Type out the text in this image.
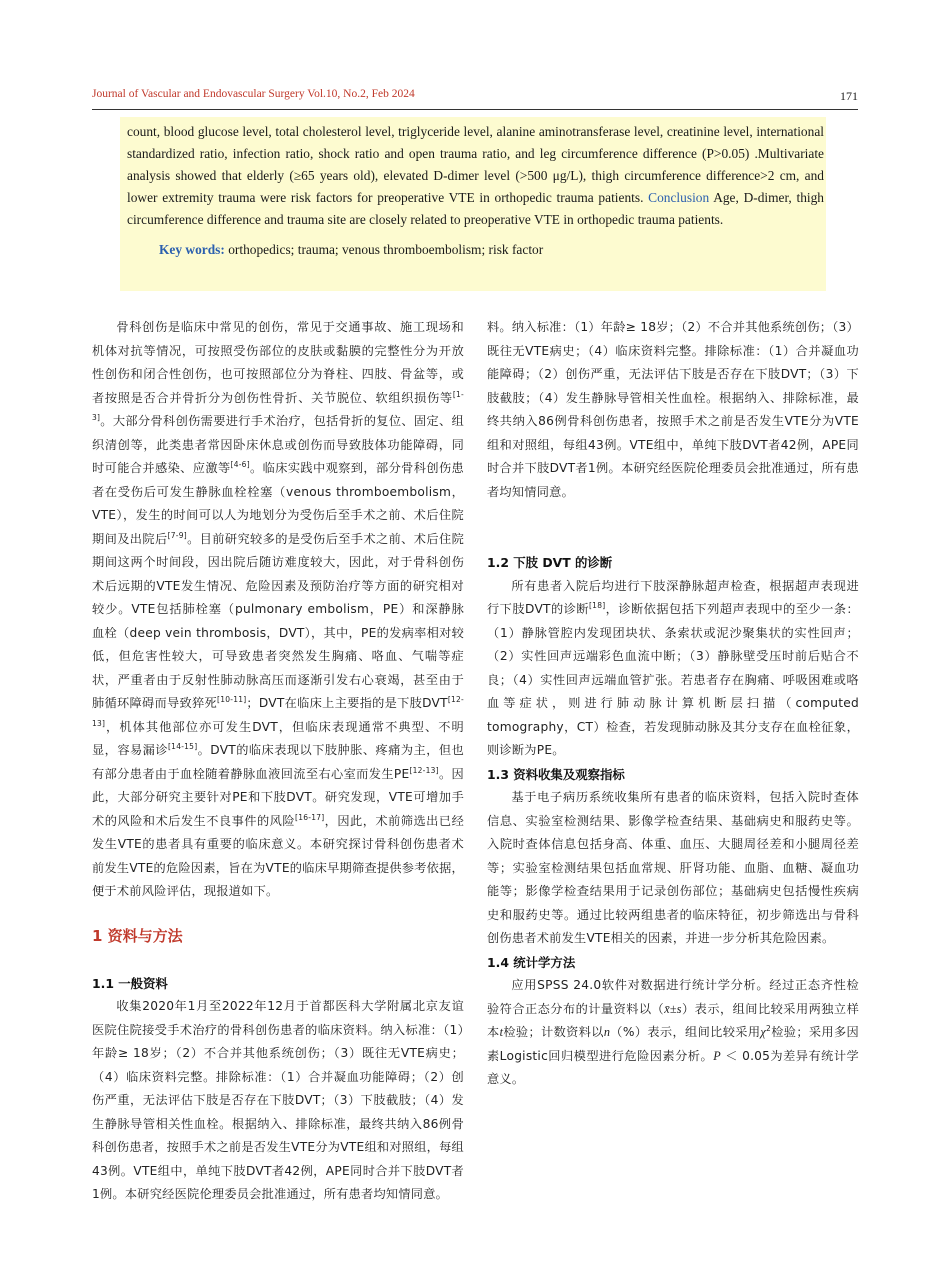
Journal of Vascular and Endovascular Surgery Vol.10, No.2, Feb 2024	171

count, blood glucose level, total cholesterol level, triglyceride level, alanine aminotransferase level, creatinine level, international standardized ratio, infection ratio, shock ratio and open trauma ratio, and leg circumference difference (P>0.05) .Multivariate analysis showed that elderly (≥65 years old), elevated D-dimer level (>500 μg/L), thigh circumference difference>2 cm, and lower extremity trauma were risk factors for preoperative VTE in orthopedic trauma patients. Conclusion Age, D-dimer, thigh circumference difference and trauma site are closely related to preoperative VTE in orthopedic trauma patients.

Key words: orthopedics; trauma; venous thromboembolism; risk factor

骨科创伤是临床中常见的创伤，常见于交通事故、施工现场和机体对抗等情况，可按照受伤部位的皮肤或黏膜的完整性分为开放性创伤和闭合性创伤，也可按照部位分为脊柱、四肢、骨盆等，或者按照是否合并骨折分为创伤性骨折、关节脱位、软组织损伤等[1-3]。大部分骨科创伤需要进行手术治疗，包括骨折的复位、固定、组织清创等，此类患者常因卧床休息或创伤而导致肢体功能障碍，同时可能合并感染、应激等[4-6]。临床实践中观察到，部分骨科创伤患者在受伤后可发生静脉血栓栓塞（venous thromboembolism，VTE），发生的时间可以人为地划分为受伤后至手术之前、术后住院期间及出院后[7-9]。目前研究较多的是受伤后至手术之前、术后住院期间这两个时间段，因出院后随访难度较大，因此，对于骨科创伤术后远期的VTE发生情况、危险因素及预防治疗等方面的研究相对较少。VTE包括肺栓塞（pulmonary embolism，PE）和深静脉血栓（deep vein thrombosis，DVT），其中，PE的发病率相对较低，但危害性较大，可导致患者突然发生胸痛、咯血、气喘等症状，严重者由于反射性肺动脉高压而逐渐引发右心衰竭，甚至由于肺循环障碍而导致猝死[10-11]；DVT在临床上主要指的是下肢DVT[12-13]，机体其他部位亦可发生DVT，但临床表现通常不典型、不明显，容易漏诊[14-15]。DVT的临床表现以下肢肿胀、疼痛为主，但也有部分患者由于血栓随着静脉血液回流至右心室而发生PE[12-13]。因此，大部分研究主要针对PE和下肢DVT。研究发现，VTE可增加手术的风险和术后发生不良事件的风险[16-17]，因此，术前筛选出已经发生VTE的患者具有重要的临床意义。本研究探讨骨科创伤患者术前发生VTE的危险因素，旨在为VTE的临床早期筛查提供参考依据，便于术前风险评估，现报道如下。

1 资料与方法
1.1 一般资料

收集2020年1月至2022年12月于首都医科大学附属北京友谊医院住院接受手术治疗的骨科创伤患者的临床资料。纳入标准：（1）年龄≥ 18岁；（2）不合并其他系统创伤；（3）既往无VTE病史；（4）临床资料完整。排除标准：（1）合并凝血功能障碍；（2）创伤严重，无法评估下肢是否存在下肢DVT；（3）下肢截肢；（4）发生静脉导管相关性血栓。根据纳入、排除标准，最终共纳入86例骨科创伤患者，按照手术之前是否发生VTE分为VTE组和对照组，每组43例。VTE组中，单纯下肢DVT者42例，APE同时合并下肢DVT者1例。本研究经医院伦理委员会批准通过，所有患者均知情同意。

料。纳入标准：（1）年龄≥ 18岁；（2）不合并其他系统创伤；（3）既往无VTE病史；（4）临床资料完整。排除标准：（1）合并凝血功能障碍；（2）创伤严重，无法评估下肢是否存在下肢DVT；（3）下肢截肢；（4）发生静脉导管相关性血栓。根据纳入、排除标准，最终共纳入86例骨科创伤患者，按照手术之前是否发生VTE分为VTE组和对照组，每组43例。VTE组中，单纯下肢DVT者42例，APE同时合并下肢DVT者1例。本研究经医院伦理委员会批准通过，所有患者均知情同意。

1.2 下肢 DVT 的诊断

所有患者入院后均进行下肢深静脉超声检查，根据超声表现进行下肢DVT的诊断[18]，诊断依据包括下列超声表现中的至少一条：（1）静脉管腔内发现团块状、条索状或泥沙聚集状的实性回声；（2）实性回声远端彩色血流中断；（3）静脉壁受压时前后贴合不良；（4）实性回声远端血管扩张。若患者存在胸痛、呼吸困难或咯血等症状，则进行肺动脉计算机断层扫描（computed tomography，CT）检查，若发现肺动脉及其分支存在血栓征象，则诊断为PE。

1.3 资料收集及观察指标

基于电子病历系统收集所有患者的临床资料，包括入院时查体信息、实验室检测结果、影像学检查结果、基础病史和服药史等。入院时查体信息包括身高、体重、血压、大腿周径差和小腿周径差等；实验室检测结果包括血常规、肝肾功能、血脂、血糖、凝血功能等；影像学检查结果用于记录创伤部位；基础病史包括慢性疾病史和服药史等。通过比较两组患者的临床特征，初步筛选出与骨科创伤患者术前发生VTE相关的因素，并进一步分析其危险因素。

1.4 统计学方法

应用SPSS 24.0软件对数据进行统计学分析。经过正态齐性检验符合正态分布的计量资料以（x̄±s）表示，组间比较采用两独立样本t检验；计数资料以n（%）表示，组间比较采用$\chi^2$检验；采用多因素Logistic回归模型进行危险因素分析。P ＜ 0.05为差异有统计学意义。
